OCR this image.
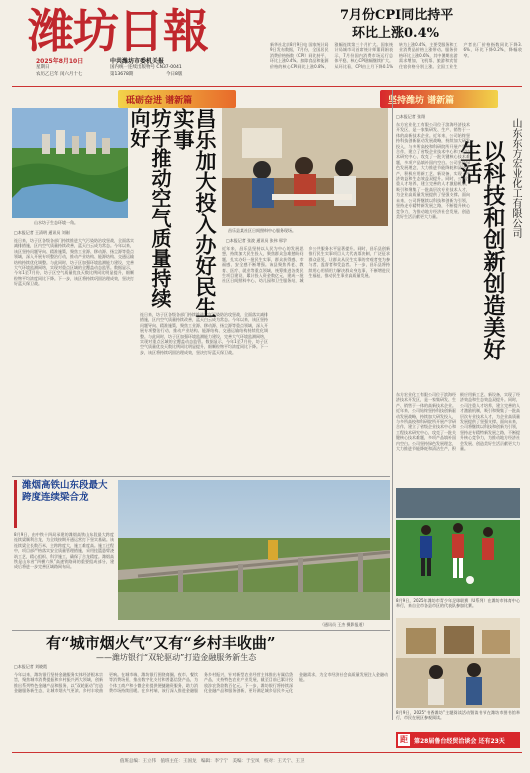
潍坊日報
2025年8月10日
星期日
农历乙巳年 闰六月十七
中共潍坊市委机关报
国内统一连续出版物号 CN37-0041
第13678期	今日8版
7月份CPI同比持平
环比上涨0.4%
新华社北京8月9日电 国家统计局9日发布数据，7月份，全国居民消费价格指数（CPI）同比持平，环比上涨0.4%。扣除食品和能源价格的核心CPI同比上涨0.8%，涨幅连续第三个月扩大。国家统计局城市司首席统计师董莉娟表示，7月份国内消费市场运行总体平稳，核心CPI涨幅继续扩大。从环比看，CPI由上月下降0.1%转为上涨0.4%，主要受服务和工业消费品价格上涨带动。服务价格环比上涨0.6%，其中暑期出游需求增加，飞机票、旅游和宾馆住宿价格分别上涨。全国工业生产者出厂价格指数同比下降3.6%，环比下降0.2%，降幅收窄。
砥砺奋进 谱新篇	坚持潍坊 谱新篇
山水坊子生态环境一角。	坊子推动空气质量持续向好
□本报记者 王清明 通讯员 刘刚
连日来，坊子区各级各部门持续推进大气污染防治攻坚战，全面落实减排措施，区内空气质量持续改善，蓝天白云成为常态。今年以来，该区坚持问题导向、精准施策，聚焦工业源、移动源、扬尘源等重点领域，深入开展专项整治行动，推动产业结构、能源结构、交通运输结构持续优化调整。与此同时，坊子区加强环境监测能力建设，完善大气环境监测网络，实现对重点区域的全覆盖动态监管。数据显示，今年1至7月份，坊子区空气质量优良天数比例同比明显提升，细颗粒物平均浓度同比下降。下一步，该区将持续巩固治理成效，坚决打好蓝天保卫战。
连日来，坊子区各级各部门持续推进大气污染防治攻坚战，全面落实减排措施，区内空气质量持续改善，蓝天白云成为常态。今年以来，该区坚持问题导向、精准施策，聚焦工业源、移动源、扬尘源等重点领域，深入开展专项整治行动，推动产业结构、能源结构、交通运输结构持续优化调整。与此同时，坊子区加强环境监测能力建设，完善大气环境监测网络，实现对重点区域的全覆盖动态监管。数据显示，今年1至7月份，坊子区空气质量优良天数比例同比明显提升，细颗粒物平均浓度同比下降。下一步，该区将持续巩固治理成效，坚决打好蓝天保卫战。
昌乐加大投入办好民生实事
昌乐县某社区日间照料中心服务现场。
□本报记者 张波 通讯员 张伟 邢学
近年来，昌乐县坚持以人民为中心的发展思想，持续加大民生投入，聚焦群众急难愁盼问题，扎实办好一批民生实事，群众获得感、幸福感、安全感不断增强。该县聚焦养老、教育、医疗、就业等重点领域，统筹推进各类民生项目建设，累计投入资金数亿元，建成一批社区日间照料中心、幼儿园和卫生服务站，城乡公共服务水平显著提升。同时，昌乐县创新推行民生实事项目人大代表票决制，广泛征求群众意见，让群众从民生实事的旁观者变为参与者、监督者和受益者。下一步，昌乐县将持续用心用情用力解决群众身边事，不断增进民生福祉，推动民生事业高质量发展。
山东东方宏业化工有限公司
以科技和创新创造美好生活
□本报记者 张翔
东方宏业化工有限公司位于滨海经济技术开发区，是一家集研发、生产、销售于一体的高新技术企业。近年来，公司始终坚持科技创新驱动发展战略，持续加大研发投入，与多所高校和科研院所开展产学研合作，建立了省级企业技术中心和工程技术研究中心，攻克了一批关键核心技术难题，多项产品填补国内空白。公司坚持绿色发展理念，大力推进节能降耗和清洁生产，积极应用新工艺、新设备，实现了经济效益和生态效益双提升。同时，公司注重人才培养，建立完善的人才激励机制，吸引和聚集了一批高层次专业技术人才，为企业高质量发展提供了坚强支撑。面向未来，公司将继续以科技和创新为引领，坚持走专精特新发展之路，不断提升核心竞争力，为推动地方经济社会发展、创造美好生活贡献更大力量。
东方宏业化工有限公司位于滨海经济技术开发区，是一家集研发、生产、销售于一体的高新技术企业。近年来，公司始终坚持科技创新驱动发展战略，持续加大研发投入，与多所高校和科研院所开展产学研合作，建立了省级企业技术中心和工程技术研究中心，攻克了一批关键核心技术难题，多项产品填补国内空白。公司坚持绿色发展理念，大力推进节能降耗和清洁生产，积极应用新工艺、新设备，实现了经济效益和生态效益双提升。同时，公司注重人才培养，建立完善的人才激励机制，吸引和聚集了一批高层次专业技术人才，为企业高质量发展提供了坚强支撑。面向未来，公司将继续以科技和创新为引领，坚持走专精特新发展之路，不断提升核心竞争力，为推动地方经济社会发展、创造美好生活贡献更大力量。
8月9日，2025年潍坊市青少年足球联赛（U系列）在潍坊市体育中心举行，来自全市各县市区的代表队参加比赛。
潍烟高铁山东段最大跨度连续梁合龙
8月9日，由中铁十四局承建的潍烟高铁山东段最大跨度连续梁顺利合龙，为全线按期开通运营打下坚实基础。该连续梁全长数百米，主跨跨度大，施工难度高。施工过程中，项目部严格落实安全质量管理措施，采用挂篮悬臂浇筑工艺，精心组织、科学施工，确保了合龙精度。潍烟高铁是山东省“四横六纵”高速铁路网的重要组成部分，建成后将进一步完善区域路网布局。
（通讯员 王杰 摄影报道）
有“城市烟火气”又有“乡村丰收曲”
——潍坊银行“双轮驱动”打造金融服务新生态
□本报记者 刘晓霞
今年以来，潍坊银行坚持金融服务实体经济根本宗旨，聚焦城市消费提振和乡村振兴两大领域，创新推出系列特色金融产品和服务，以“双轮驱动”打造金融服务新生态，让城市烟火气更浓、乡村丰收曲更响。在城市端，潍坊银行围绕商圈、夜市、餐饮等消费场景，推出数字化支付和普惠信贷产品，为个体工商户和小微企业提供便捷融资服务，助力消费市场持续回暖。在乡村端，该行深入推进金融服务乡村振兴，针对新型农业经营主体推出专属信贷产品，支持特色农业产业发展，截至目前已累计投放涉农贷款数百亿元。下一步，潍坊银行将持续深化金融产品和服务创新，更好满足城乡居民多元化金融需求，为全市经济社会高质量发展注入金融动能。
8月9日，2025“书香潍坊”主题阅读活动暨读书节在潍坊市图书馆举行，市民在展区参观阅读。
距	第28届鲁台经贸洽谈会 还有23天
值班总编：王立伟　值班主任：王国龙　编辑：李宁宁　美编：于宝凤　校对：王天宁、王卫
